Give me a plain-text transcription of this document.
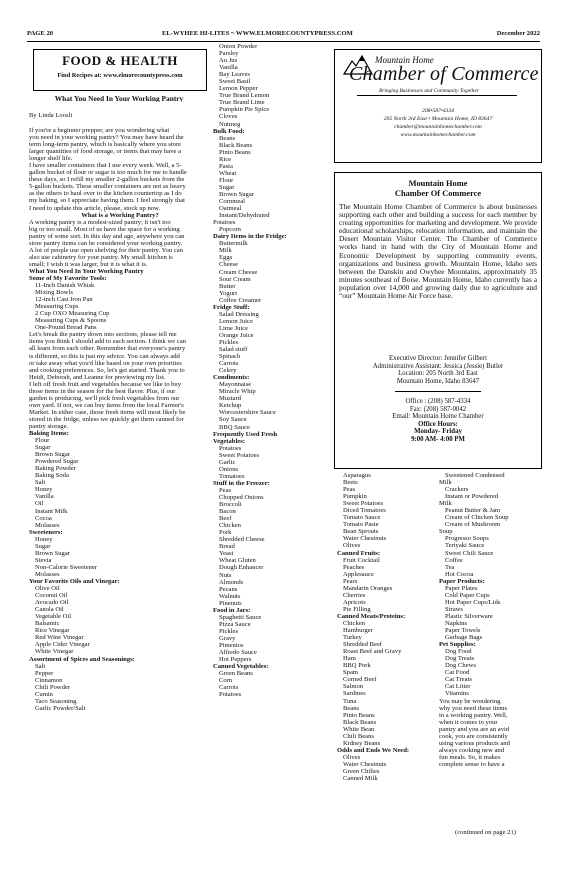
PAGE 20	EL-WYHEE HI-LITES ~ WWW.ELMORECOUNTYPRESS.COM	December 2022
FOOD & HEALTH
Find Recipes at: www.elmorecountypress.com
What You Need In Your Working Pantry
By Linda Loosli
If you're a beginner prepper, are you wondering what
you need in your working pantry? You may have heard the
term long-term pantry, which is basically where you store
larger quantities of food storage, or items that may have a
longer shelf life.
I have smaller containers that I use every week. Well, a 5-
gallon bucket of flour or sugar is too much for me to handle
these days, so I refill my smaller 2-gallon buckets from the
5-gallon buckets. These smaller containers are not as heavy
as the others to haul over to the kitchen countertop as I do
my baking, so I appreciate having them. I feel strongly that
I need to update this article, please, stock up now.
What is a Working Pantry?
A working pantry is a modest-sized pantry; it isn't too
big or too small. Most of us have the space for a working
pantry of some sort. In this day and age, anywhere you can
store pantry items can be considered your working pantry.
A lot of people use open shelving for their pantry. You can
also use cabinetry for your pantry. My small kitchen is
small; I wish it was larger, but it is what it is.
What You Need In Your Working Pantry
Some of My Favorite Tools:
11-Inch Danish Whisk
Mixing Bowls
12-inch Cast Iron Pan
Measuring Cups
2 Cup OXO Measuring Cup
Measuring Cups & Spoons
One-Pound Bread Pans
Let's break the pantry down into sections, please tell me
items you think I should add to each section. I think we can
all learn from each other. Remember that everyone's pantry
is different, so this is just my advice. You can always add
or take away what you'd like based on your own priorities
and cooking preferences. So, let's get started. Thank you to
Heidi, Deborah, and Leanne for previewing my list.
I left off fresh fruit and vegetables because we like to buy
those items in the season for the best flavor. Plus, if our
garden is producing, we'll pick fresh vegetables from our
own yard. If not, we can buy items from the local Farmer's
Market. In either case, those fresh items will most likely be
stored in the fridge, unless we quickly get them canned for
pantry storage.
Baking Items:
Flour
Sugar
Brown Sugar
Powdered Sugar
Baking Powder
Baking Soda
Salt
Honey
Vanilla
Oil
Instant Milk
Cocoa
Molasses
Sweeteners:
Honey
Sugar
Brown Sugar
Stevia
Non-Calorie Sweetener
Molasses
Your Favorite Oils and Vinegar:
Olive Oil
Coconut Oil
Avocado Oil
Canola Oil
Vegetable Oil
Balsamic
Rice Vinegar
Red Wine Vinegar
Apple Cider Vinegar
White Vinegar
Assortment of Spices and Seasonings:
Salt
Pepper
Cinnamon
Chili Powder
Cumin
Taco Seasoning
Garlic Powder/Salt
Onion Powder
Parsley
Au Jus
Vanilla
Bay Leaves
Sweet Basil
Lemon Pepper
True Brand Lemon
True Brand Lime
Pumpkin Pie Spice
Cloves
Nutmeg
Bulk Food:
Beans
Black Beans
Pinto Beans
Rice
Pasta
Wheat
Flour
Sugar
Brown Sugar
Cornmeal
Oatmeal
Instant/Dehydrated
Potatoes
Popcorn
Dairy Items in the Fridge:
Buttermilk
Milk
Eggs
Cheese
Cream Cheese
Sour Cream
Butter
Yogurt
Coffee Creamer
Fridge Stuff:
Salad Dressing
Lemon Juice
Lime Juice
Orange Juice
Pickles
Salad stuff
Spinach
Carrots
Celery
Condiments:
Mayonnaise
Miracle Whip
Mustard
Ketchup
Worcestershire Sauce
Soy Sauce
BBQ Sauce
Frequently Used Fresh
Vegetables:
Potatoes
Sweet Potatoes
Garlic
Onions
Tomatoes
Stuff in the Freezer:
Peas
Chopped Onions
Broccoli
Bacon
Beef
Chicken
Pork
Shredded Cheese
Bread
Yeast
Wheat Gluten
Dough Enhancer
Nuts
Almonds
Pecans
Walnuts
Pinenuts
Food in Jars:
Spaghetti Sauce
Pizza Sauce
Pickles
Gravy
Pimentos
Alfredo Sauce
Hot Peppers
Canned Vegetables:
Green Beans
Corn
Carrots
Potatoes
Asparagus
Beets
Peas
Pumpkin
Sweet Potatoes
Diced Tomatoes
Tomato Sauce
Tomato Paste
Bean Sprouts
Water Chestnuts
Olives
Canned Fruits:
Fruit Cocktail
Peaches
Applesauce
Pears
Mandarin Oranges
Cherries
Apricots
Pie Filling
Canned Meats/Proteins:
Chicken
Hamburger
Turkey
Shredded Beef
Roast Beef and Gravy
Ham
BBQ Pork
Spam
Corned Beef
Salmon
Sardines
Tuna
Beans
Pinto Beans
Black Beans
White Bean
Chili Beans
Kidney Beans
Odds and Ends We Need:
Olives
Water Chestnuts
Green Chilies
Canned Milk
Sweetened Condensed
Milk
Crackers
Instant or Powdered
Milk
Peanut Butter & Jam
Cream of Chicken Soup
Cream of Mushroom
Soup
Progresso Soups
Teriyaki Sauce
Sweet Chili Sauce
Coffee
Tea
Hot Cocoa
Paper Products:
Paper Plates
Cold Paper Cups
Hot Paper Cups/Lids
Straws
Plastic Silverware
Napkins
Paper Towels
Garbage Bags
Pet Supplies:
Dog Food
Dog Treats
Dog Chews
Cat Food
Cat Treats
Cat Litter
Vitamins
You may be wondering
why you need these items
in a working pantry. Well,
when it comes to your
pantry and you are an avid
cook, you are consistently
using various products and
always cooking new and
fun meals. So, it makes
complete sense to have a
(continued on page 21)
Mountain Home
Chamber of Commerce
Bringing Businesses and Community Together
208•587•4334
205 North 3rd East • Mountain Home, ID 83647
chamber@mountainhomechamber.com
www.mountainhomechamber.com
Mountain Home
Chamber Of Commerce
The Mountain Home Chamber of Commerce is about businesses supporting each other and building a success for each member by creating opportunities for marketing and development. We provide educational scholarships, relocation information, and maintain the Desert Mountain Visitor Center. The Chamber of Commerce works hand in hand with the City of Mountain Home and Economic Development by supporting community events, organizations and business growth. Mountain Home, Idaho sets between the Danskin and Owyhee Mountains, approximately 35 minutes southeast of Boise. Mountain Home, Idaho currently has a population over 14,000 and growing daily due to agriculture and “our” Mountain Home Air Force base.
Executive Director: Jennifer Gilbert
Administrative Assistant: Jessica (Jessie) Butler
Location: 205 North 3rd East
Mountain Home, Idaho 83647
Office : (208) 587-4334
Fax: (208) 587-0042
Email: Mountain Home Chamber
Office Hours:
Monday- Friday
9:00 AM- 4:00 PM
